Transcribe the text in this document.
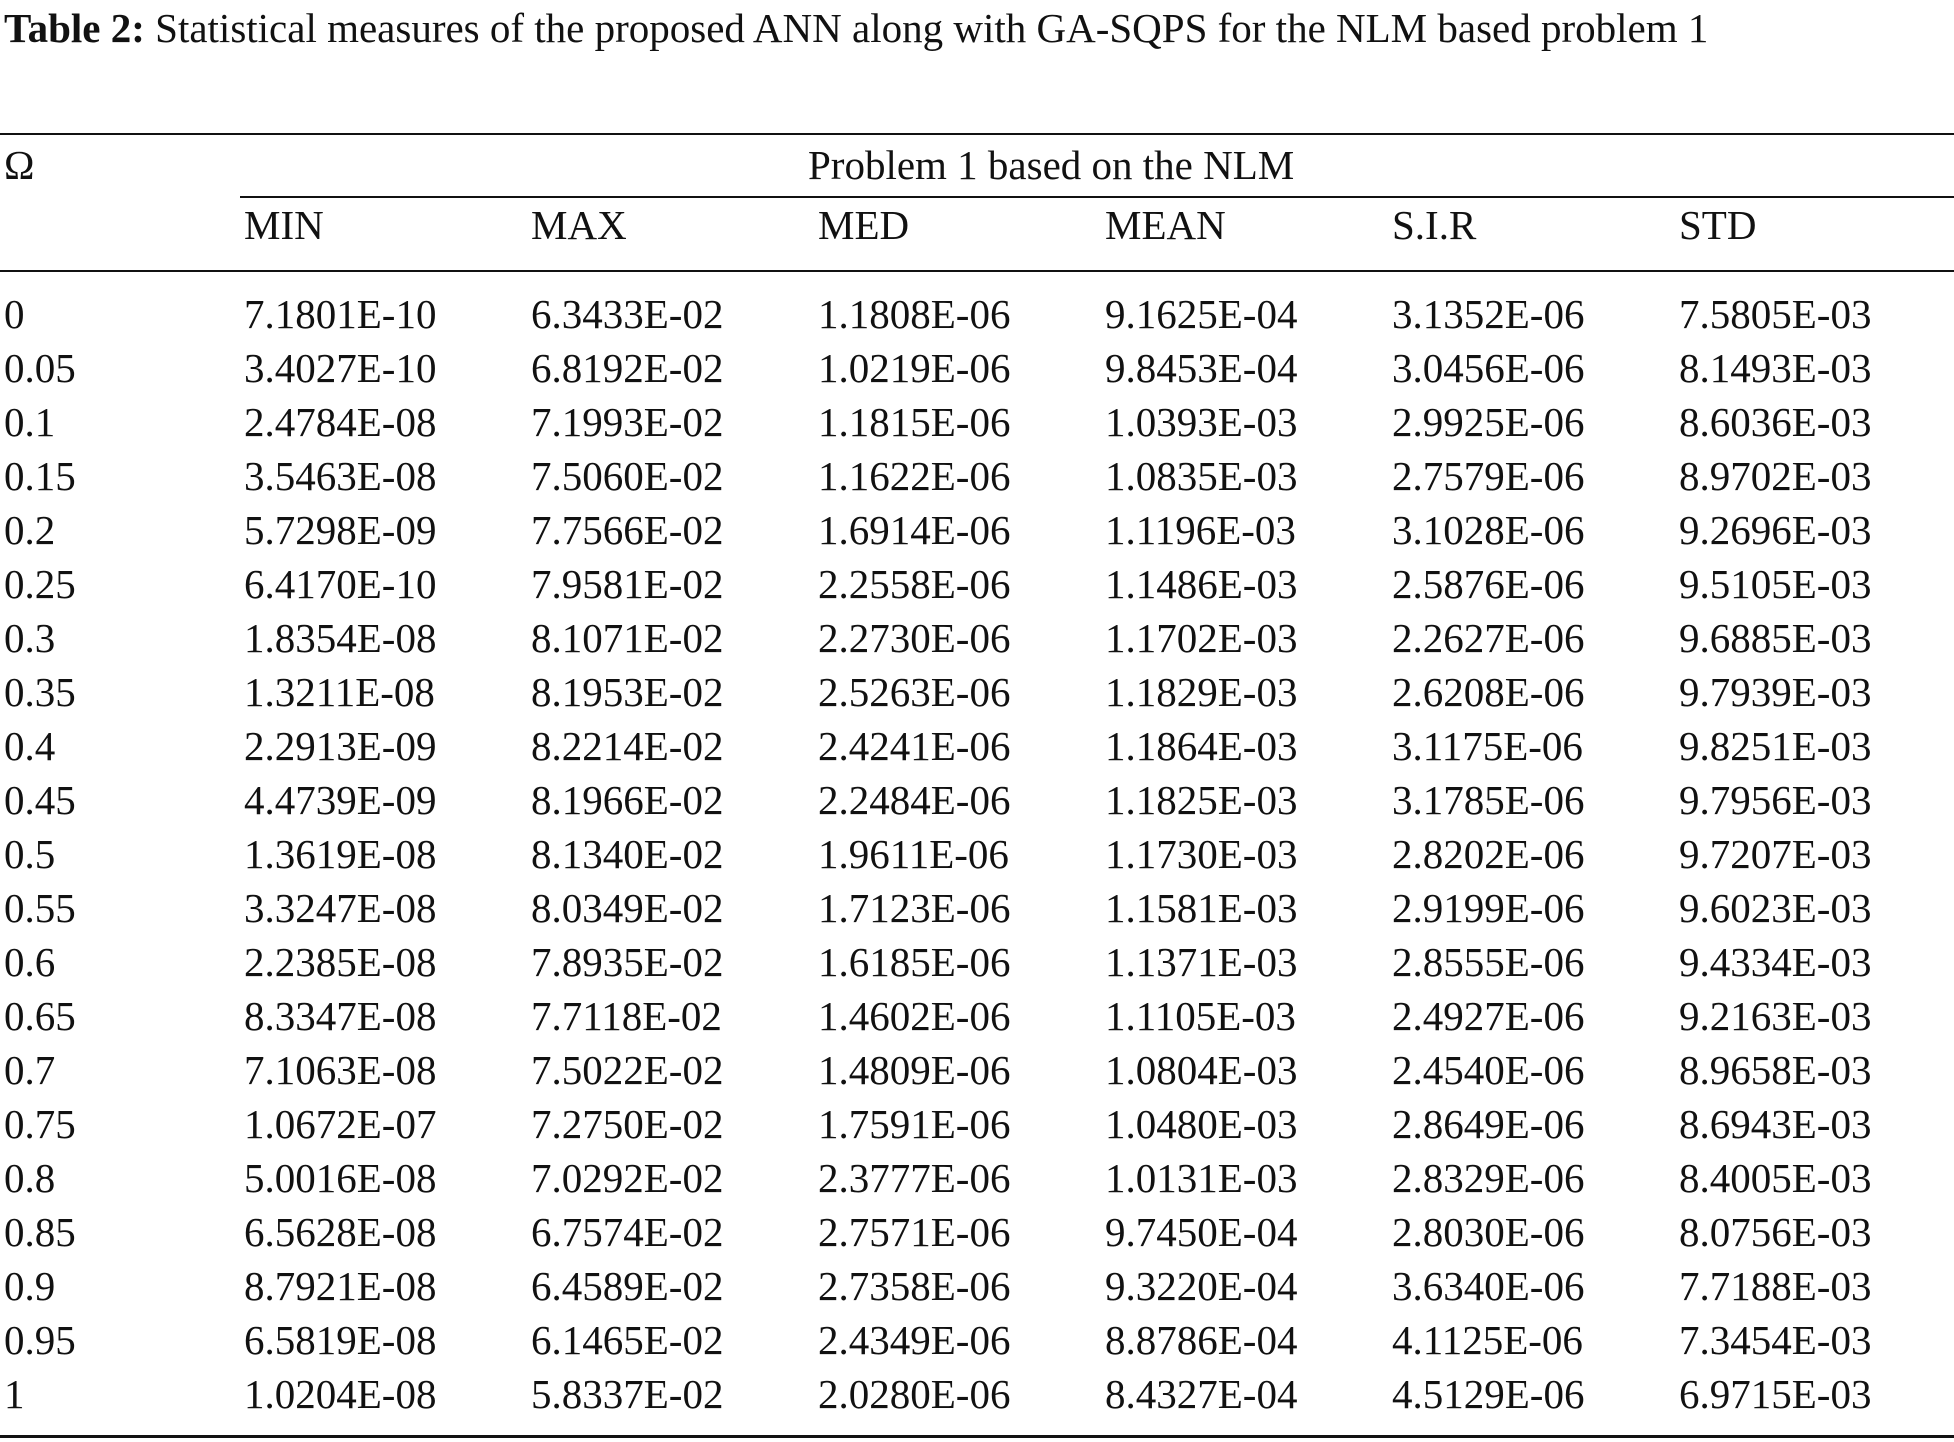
Table 2: Statistical measures of the proposed ANN along with GA-SQPS for the NLM based problem 1
Ω	Problem 1 based on the NLM
MIN	MAX	MED	MEAN	S.I.R	STD
0	7.1801E-10 6.3433E-02 1.1808E-06 9.1625E-04 3.1352E-06 7.5805E-03
0.05	3.4027E-10 6.8192E-02 1.0219E-06 9.8453E-04 3.0456E-06 8.1493E-03
0.1	2.4784E-08 7.1993E-02 1.1815E-06 1.0393E-03 2.9925E-06 8.6036E-03
0.15	3.5463E-08 7.5060E-02 1.1622E-06 1.0835E-03 2.7579E-06 8.9702E-03
0.2	5.7298E-09 7.7566E-02 1.6914E-06 1.1196E-03 3.1028E-06 9.2696E-03
0.25	6.4170E-10 7.9581E-02 2.2558E-06 1.1486E-03 2.5876E-06 9.5105E-03
0.3	1.8354E-08 8.1071E-02 2.2730E-06 1.1702E-03 2.2627E-06 9.6885E-03
0.35	1.3211E-08 8.1953E-02 2.5263E-06 1.1829E-03 2.6208E-06 9.7939E-03
0.4	2.2913E-09 8.2214E-02 2.4241E-06 1.1864E-03 3.1175E-06 9.8251E-03
0.45	4.4739E-09 8.1966E-02 2.2484E-06 1.1825E-03 3.1785E-06 9.7956E-03
0.5	1.3619E-08 8.1340E-02 1.9611E-06 1.1730E-03 2.8202E-06 9.7207E-03
0.55	3.3247E-08 8.0349E-02 1.7123E-06 1.1581E-03 2.9199E-06 9.6023E-03
0.6	2.2385E-08 7.8935E-02 1.6185E-06 1.1371E-03 2.8555E-06 9.4334E-03
0.65	8.3347E-08 7.7118E-02 1.4602E-06 1.1105E-03 2.4927E-06 9.2163E-03
0.7	7.1063E-08 7.5022E-02 1.4809E-06 1.0804E-03 2.4540E-06 8.9658E-03
0.75	1.0672E-07 7.2750E-02 1.7591E-06 1.0480E-03 2.8649E-06 8.6943E-03
0.8	5.0016E-08 7.0292E-02 2.3777E-06 1.0131E-03 2.8329E-06 8.4005E-03
0.85	6.5628E-08 6.7574E-02 2.7571E-06 9.7450E-04 2.8030E-06 8.0756E-03
0.9	8.7921E-08 6.4589E-02 2.7358E-06 9.3220E-04 3.6340E-06 7.7188E-03
0.95	6.5819E-08 6.1465E-02 2.4349E-06 8.8786E-04 4.1125E-06 7.3454E-03
1	1.0204E-08 5.8337E-02 2.0280E-06 8.4327E-04 4.5129E-06 6.9715E-03
